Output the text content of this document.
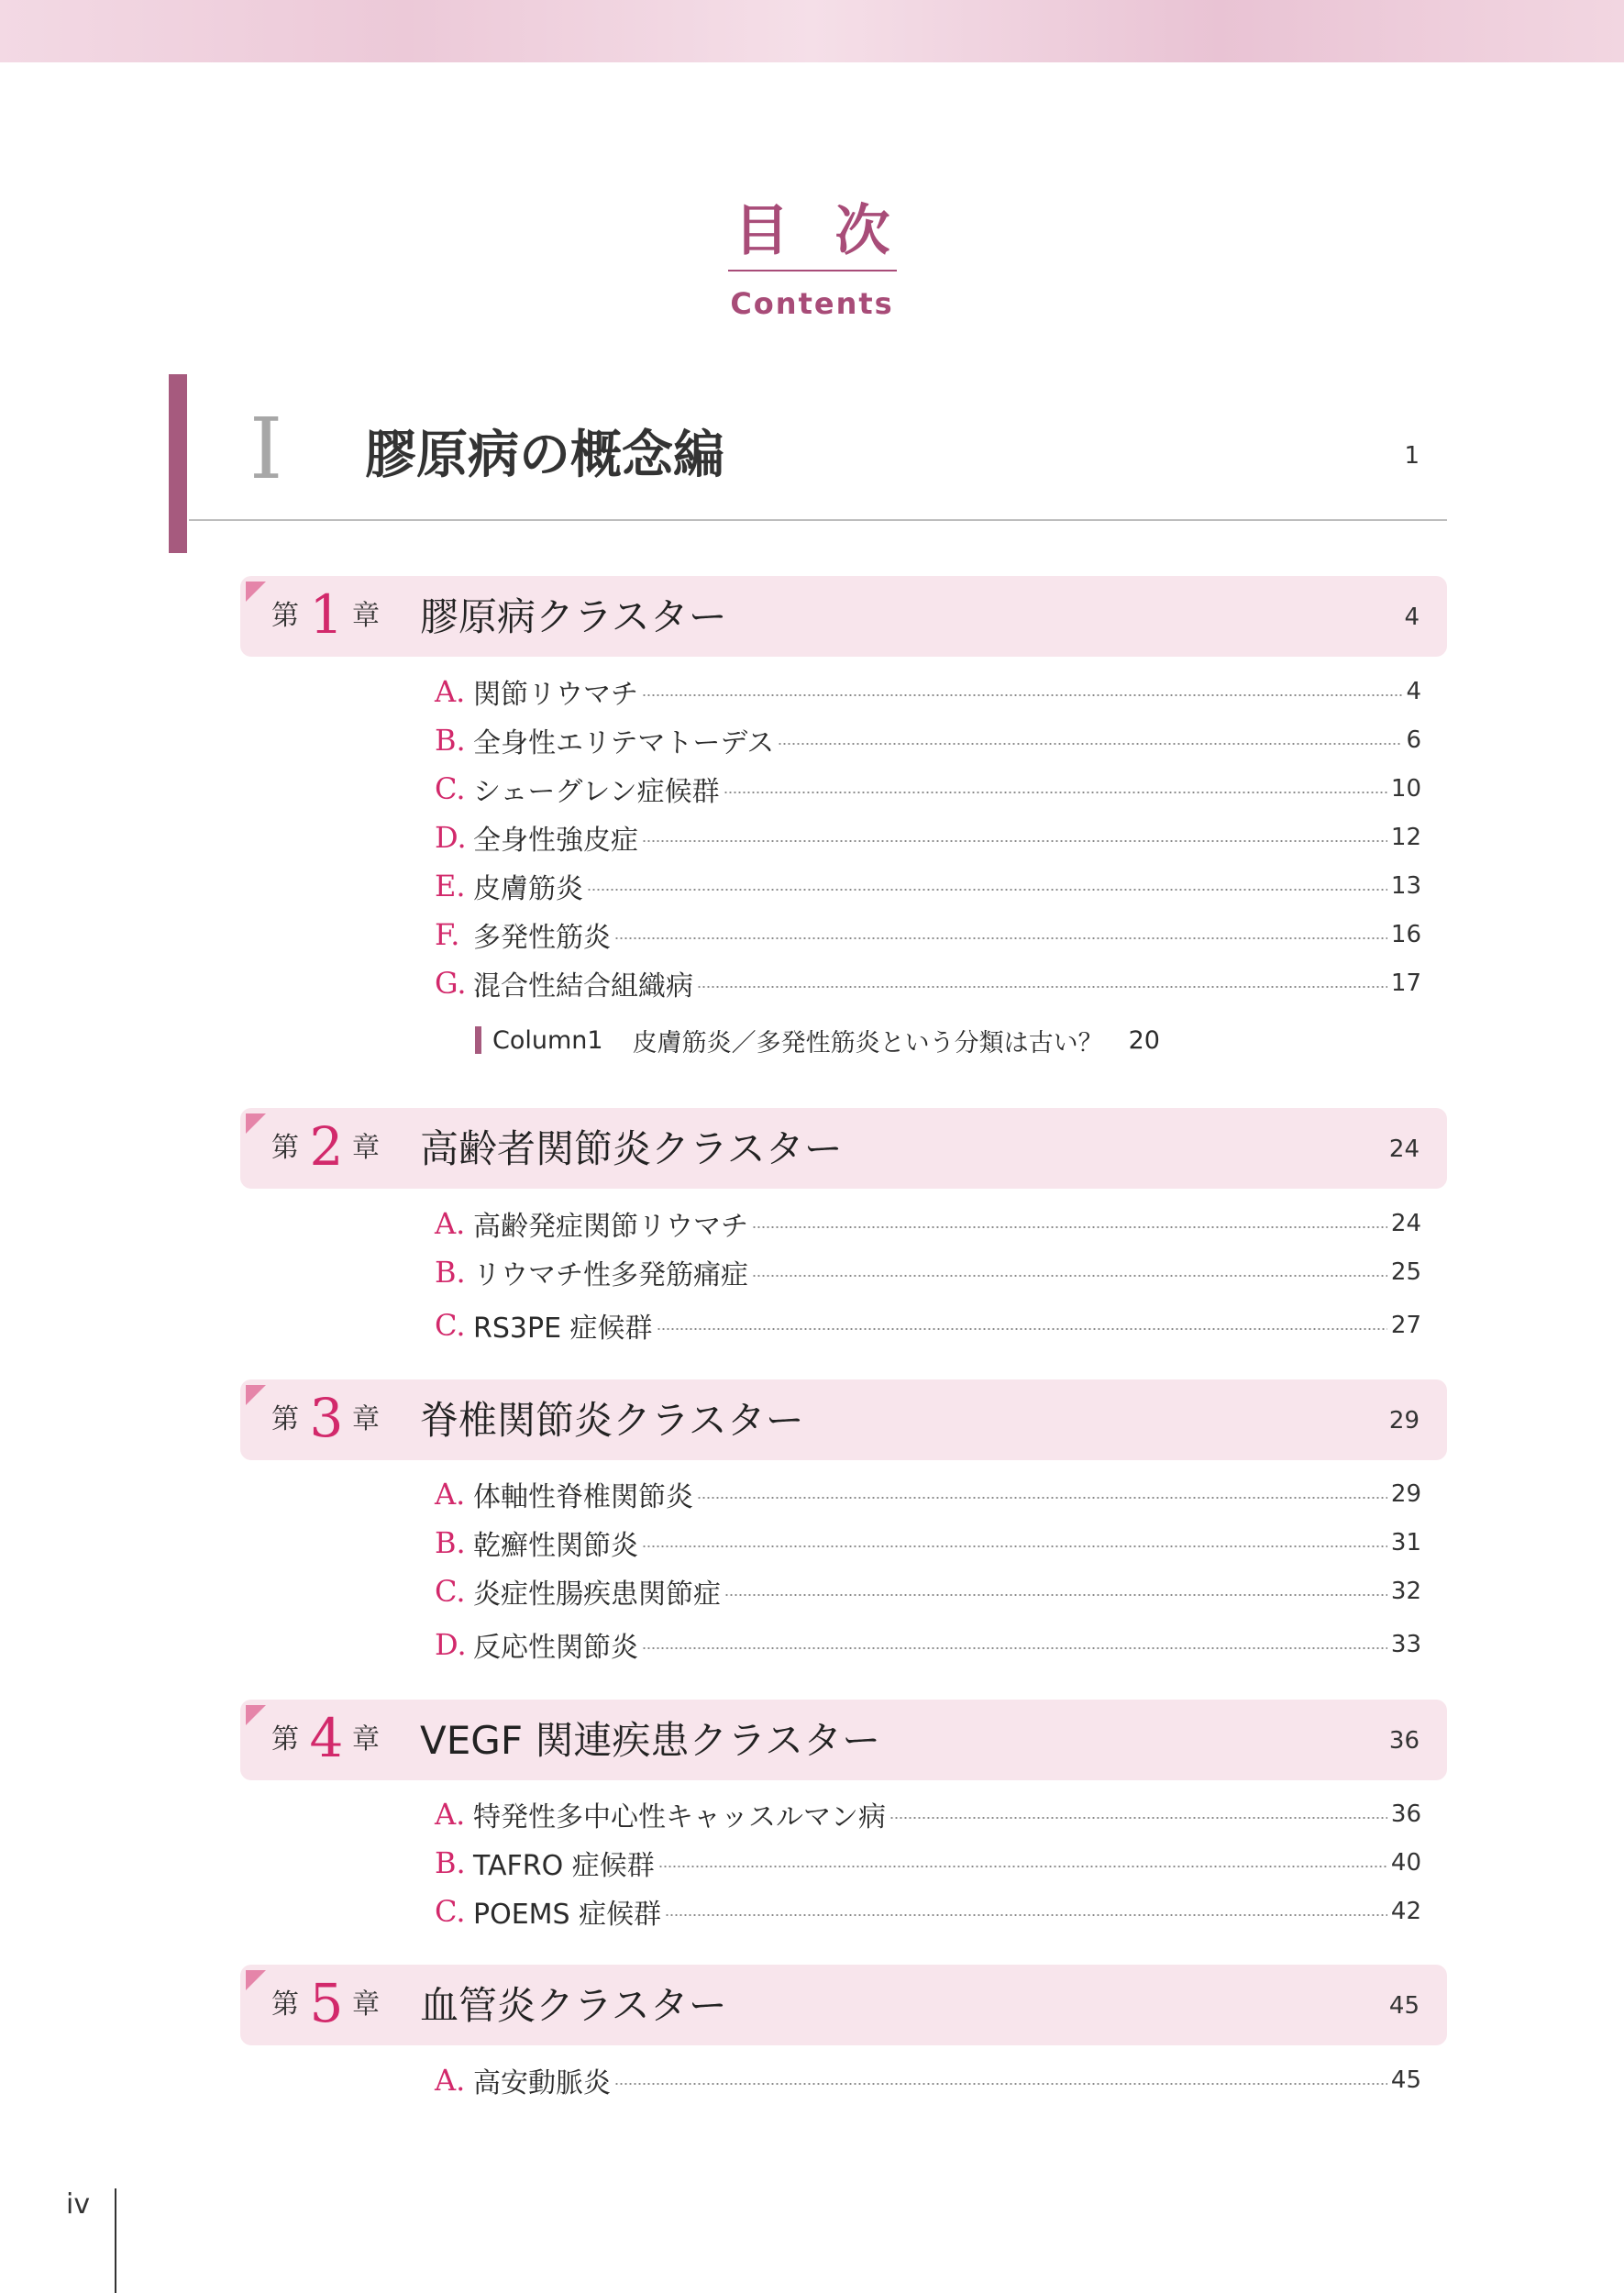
目次
Contents
I 膠原病の概念編	1
第 1 章 膠原病クラスター	4
A. 関節リウマチ	4
B. 全身性エリテマトーデス	6
C. シェーグレン症候群	10
D. 全身性強皮症	12
E. 皮膚筋炎	13
F. 多発性筋炎	16
G. 混合性結合組織病	17
Column1 皮膚筋炎／多発性筋炎という分類は古い？ 20
第 2 章 高齢者関節炎クラスター	24
A. 高齢発症関節リウマチ	24
B. リウマチ性多発筋痛症	25
C. RS3PE 症候群	27
第 3 章 脊椎関節炎クラスター	29
A. 体軸性脊椎関節炎	29
B. 乾癬性関節炎	31
C. 炎症性腸疾患関節症	32
D. 反応性関節炎	33
第 4 章 VEGF 関連疾患クラスター	36
A. 特発性多中心性キャッスルマン病	36
B. TAFRO 症候群	40
C. POEMS 症候群	42
第 5 章 血管炎クラスター	45
A. 高安動脈炎	45
iv
